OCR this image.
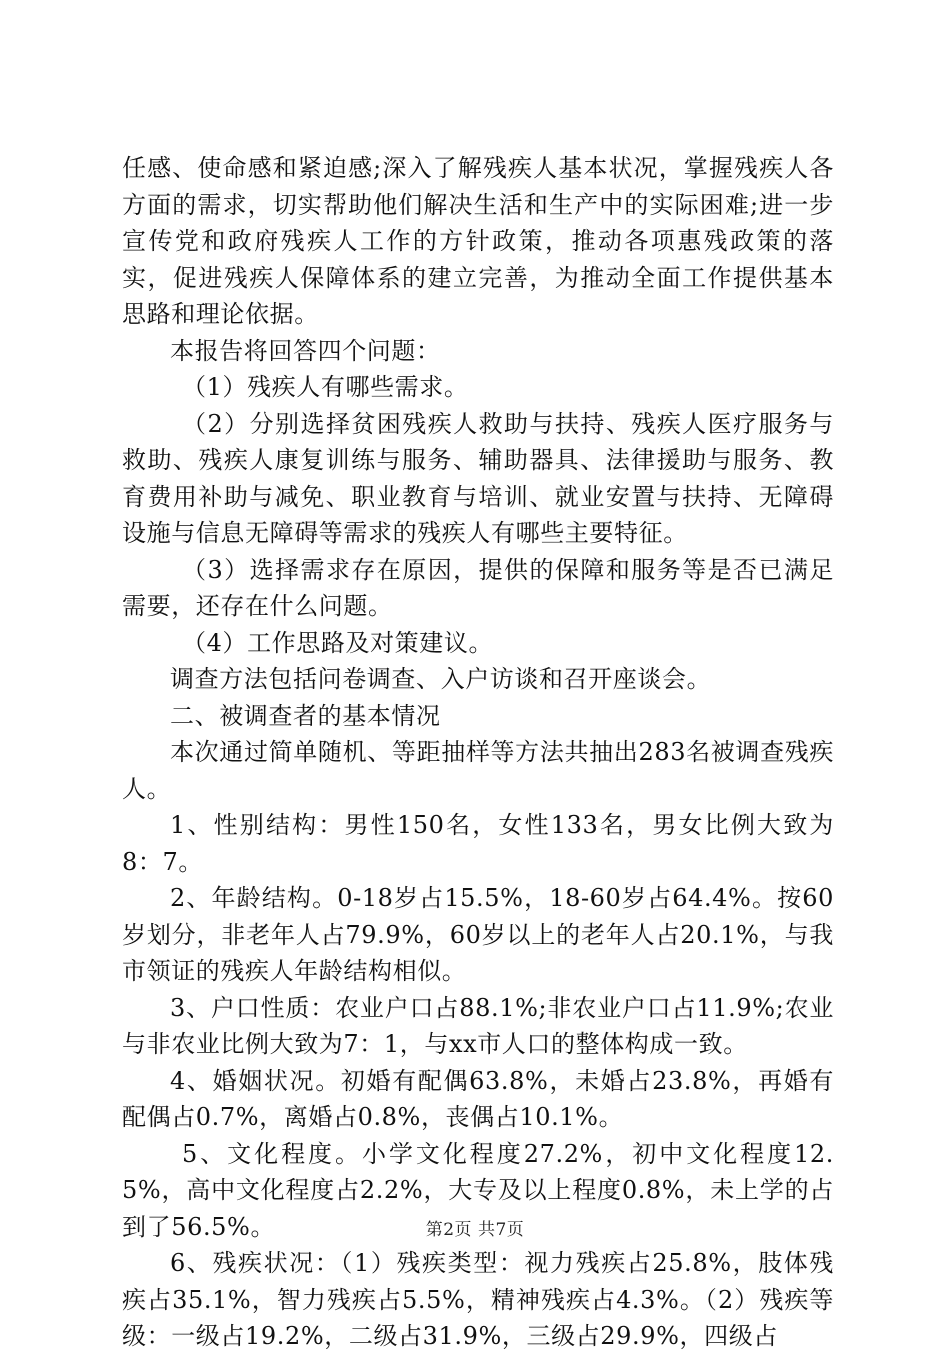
任感、使命感和紧迫感;深入了解残疾人基本状况，掌握残疾人各方面的需求，切实帮助他们解决生活和生产中的实际困难;进一步宣传党和政府残疾人工作的方针政策，推动各项惠残政策的落实，促进残疾人保障体系的建立完善，为推动全面工作提供基本思路和理论依据。

本报告将回答四个问题：

（1）残疾人有哪些需求。

（2）分别选择贫困残疾人救助与扶持、残疾人医疗服务与救助、残疾人康复训练与服务、辅助器具、法律援助与服务、教育费用补助与减免、职业教育与培训、就业安置与扶持、无障碍设施与信息无障碍等需求的残疾人有哪些主要特征。

（3）选择需求存在原因，提供的保障和服务等是否已满足需要，还存在什么问题。

（4）工作思路及对策建议。

调查方法包括问卷调查、入户访谈和召开座谈会。

二、被调查者的基本情况

本次通过简单随机、等距抽样等方法共抽出283名被调查残疾人。

1、性别结构：男性150名，女性133名，男女比例大致为8：7。

2、年龄结构。0-18岁占15.5%，18-60岁占64.4%。按60岁划分，非老年人占79.9%，60岁以上的老年人占20.1%，与我市领证的残疾人年龄结构相似。

3、户口性质：农业户口占88.1%;非农业户口占11.9%;农业与非农业比例大致为7：1，与xx市人口的整体构成一致。

4、婚姻状况。初婚有配偶63.8%，未婚占23.8%，再婚有配偶占0.7%，离婚占0.8%，丧偶占10.1%。

5、文化程度。小学文化程度27.2%，初中文化程度12.5%，高中文化程度占2.2%，大专及以上程度0.8%，未上学的占到了56.5%。

6、残疾状况：（1）残疾类型：视力残疾占25.8%，肢体残疾占35.1%，智力残疾占5.5%，精神残疾占4.3%。（2）残疾等级：一级占19.2%，二级占31.9%，三级占29.9%，四级占

第2页 共7页
